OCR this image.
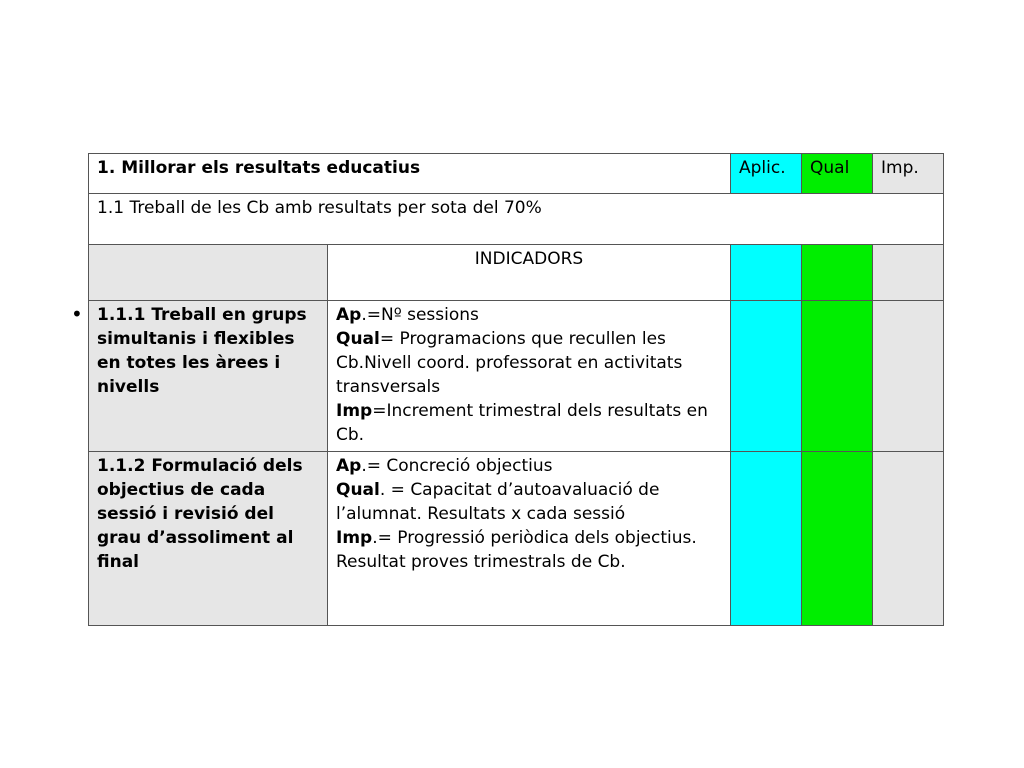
•
1. Millorar els resultats educatius		Aplic.	Qual	Imp.
1.1 Treball de les Cb amb resultats per sota del 70%				
	INDICADORS			
1.1.1 Treball en grups simultanis i flexibles en totes les àrees i nivells	Ap.=Nº sessions
Qual= Programacions que recullen les Cb.Nivell coord. professorat en activitats transversals
Imp=Increment trimestral dels resultats en Cb.			

1.1.2 Formulació dels objectius de cada sessió i revisió del grau d’assoliment al final	Ap.= Concreció objectius
Qual. = Capacitat d’autoavaluació de l’alumnat. Resultats x cada sessió
Imp.= Progressió periòdica dels objectius. Resultat proves trimestrals de Cb.			
